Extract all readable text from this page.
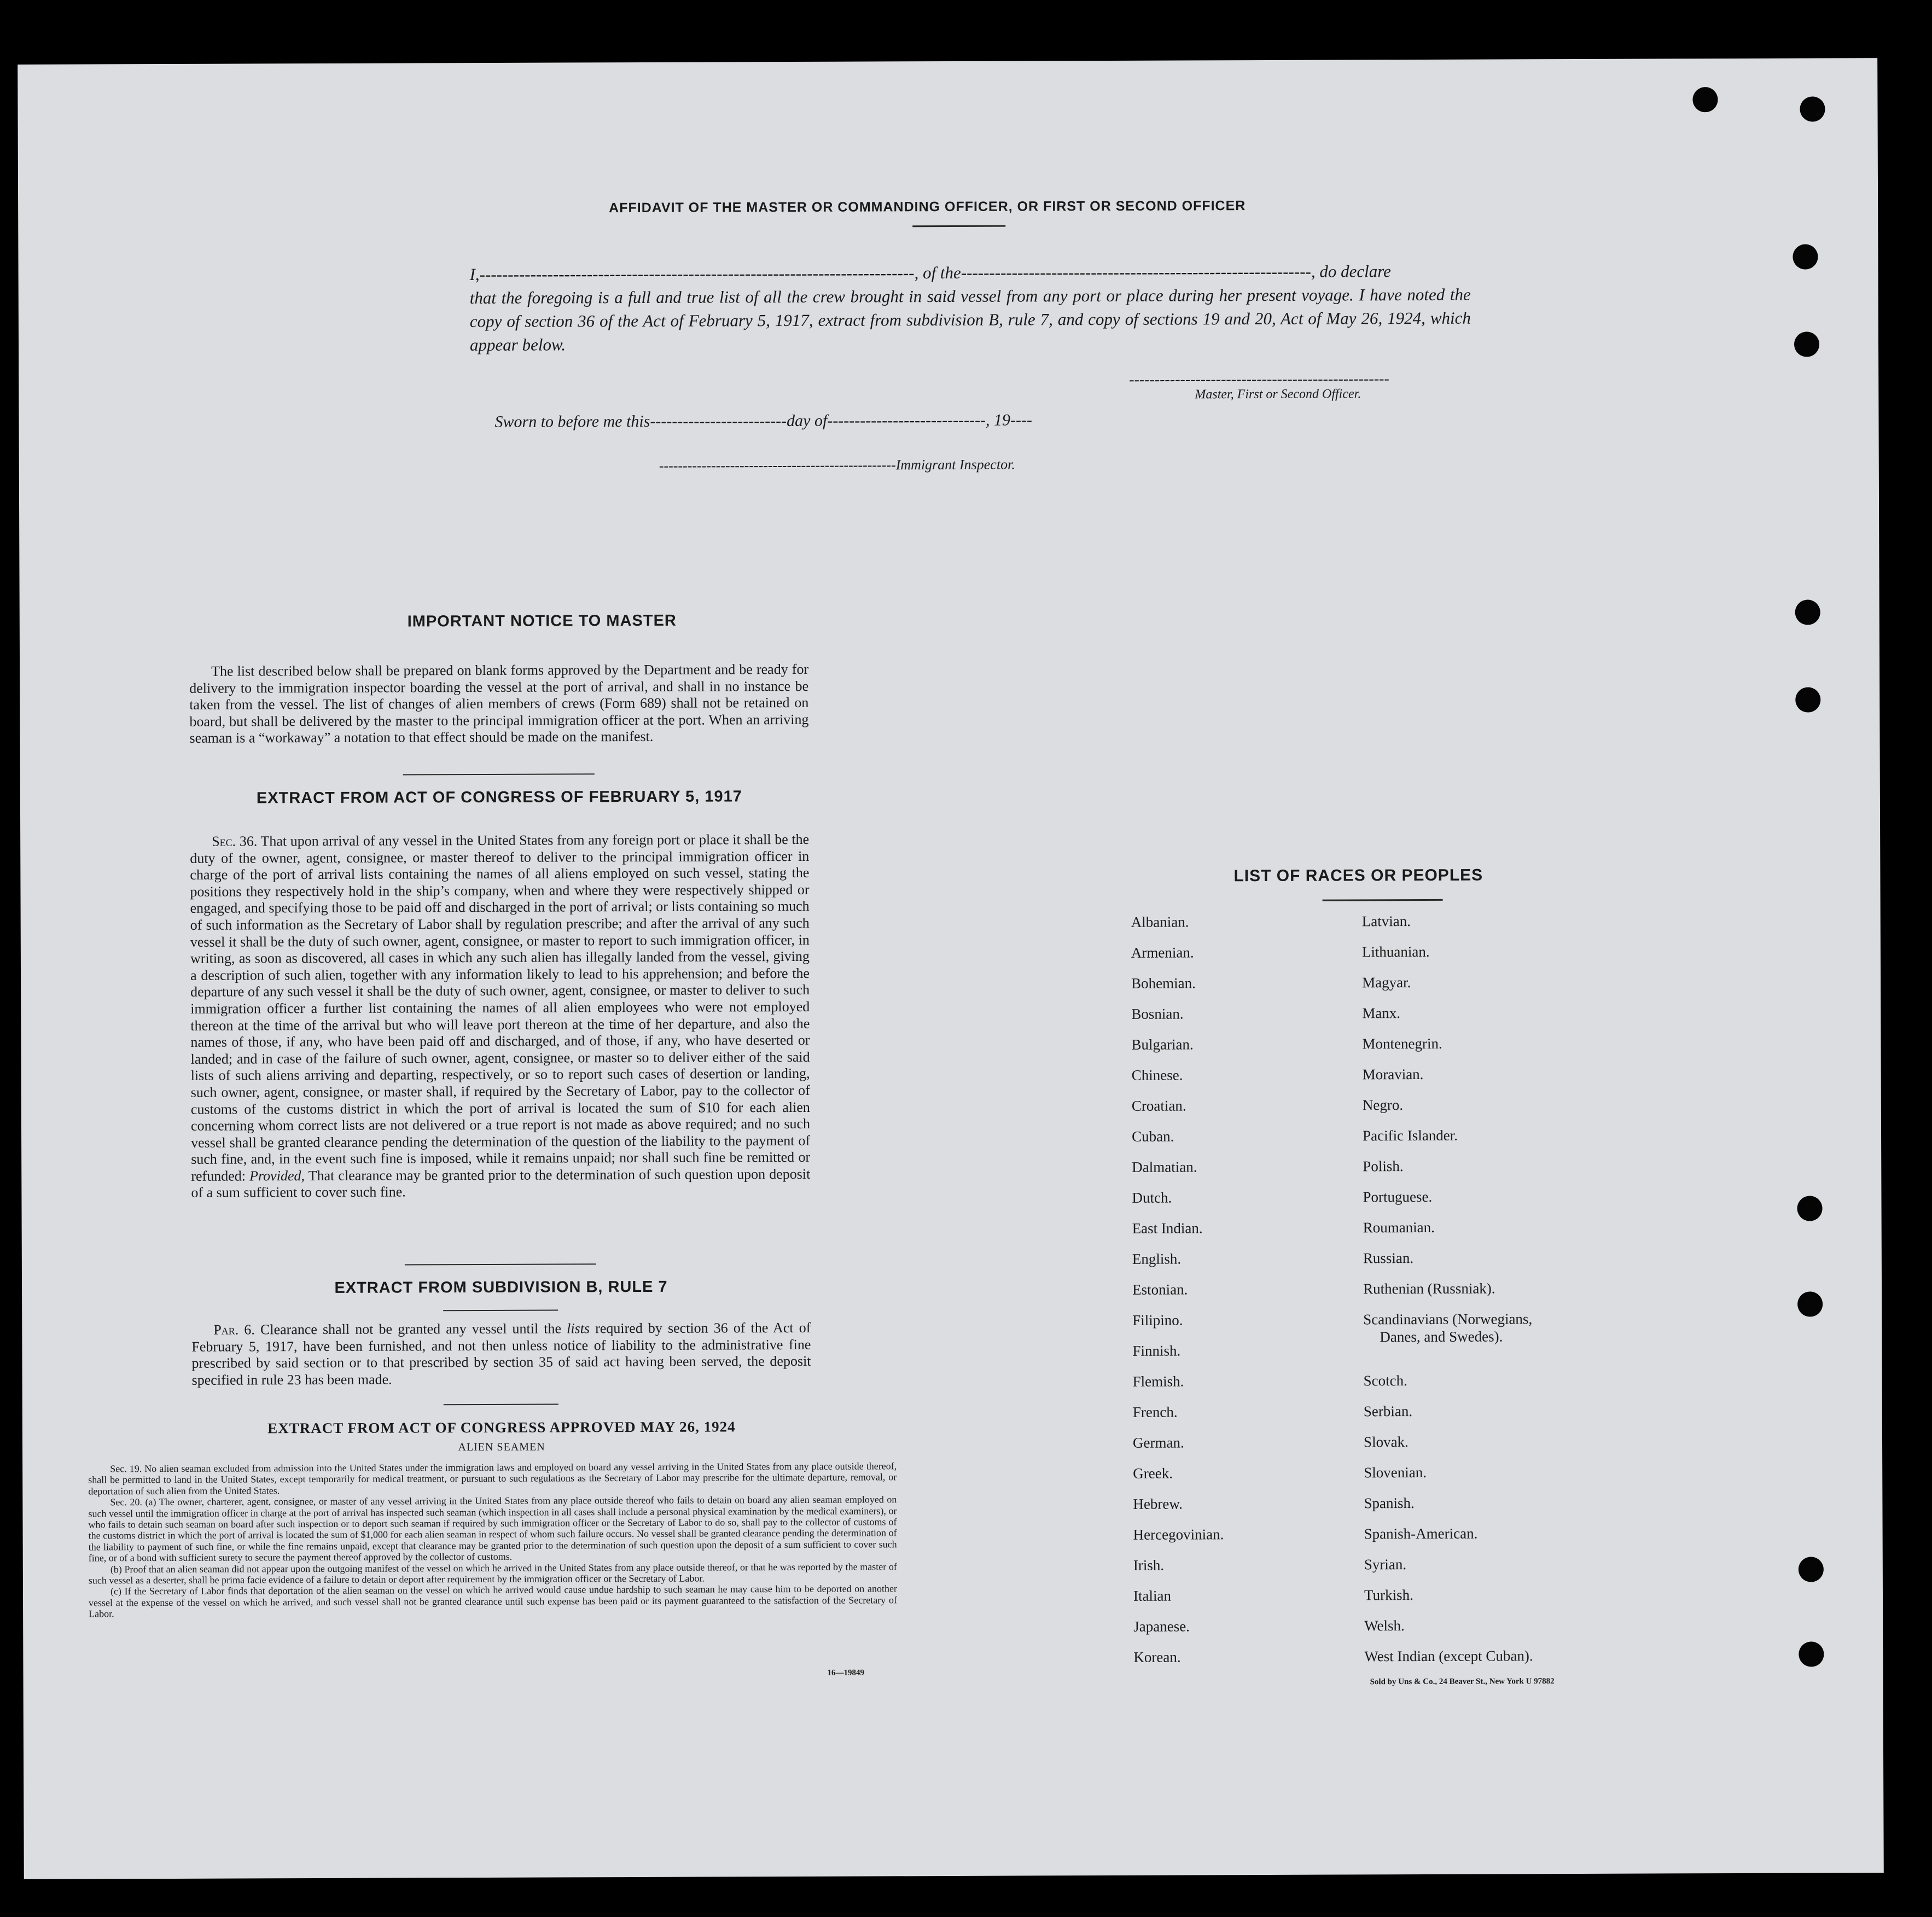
AFFIDAVIT OF THE MASTER OR COMMANDING OFFICER, OR FIRST OR SECOND OFFICER
I,-----------------------------------------------------------------------------, of the--------------------------------------------------------------, do declare
that the foregoing is a full and true list of all the crew brought in said vessel from any port or place during her present voyage. I have noted the copy of section 36 of the Act of February 5, 1917, extract from subdivision B, rule 7, and copy of sections 19 and 20, Act of May 26, 1924, which appear below.
---------------------------------------------------
Master, First or Second Officer.
Sworn to before me this-------------------------day of-----------------------------, 19----
--------------------------------------------------Immigrant Inspector.
IMPORTANT NOTICE TO MASTER
The list described below shall be prepared on blank forms approved by the Department and be ready for delivery to the immigration inspector boarding the vessel at the port of arrival, and shall in no instance be taken from the vessel. The list of changes of alien members of crews (Form 689) shall not be retained on board, but shall be delivered by the master to the principal immigration officer at the port. When an arriving seaman is a “workaway” a notation to that effect should be made on the manifest.
EXTRACT FROM ACT OF CONGRESS OF FEBRUARY 5, 1917
Sec. 36. That upon arrival of any vessel in the United States from any foreign port or place it shall be the duty of the owner, agent, consignee, or master thereof to deliver to the principal immigration officer in charge of the port of arrival lists containing the names of all aliens employed on such vessel, stating the positions they respectively hold in the ship’s company, when and where they were respectively shipped or engaged, and specifying those to be paid off and discharged in the port of arrival; or lists containing so much of such information as the Secretary of Labor shall by regulation prescribe; and after the arrival of any such vessel it shall be the duty of such owner, agent, consignee, or master to report to such immigration officer, in writing, as soon as discovered, all cases in which any such alien has illegally landed from the vessel, giving a description of such alien, together with any information likely to lead to his apprehension; and before the departure of any such vessel it shall be the duty of such owner, agent, consignee, or master to deliver to such immigration officer a further list containing the names of all alien employees who were not employed thereon at the time of the arrival but who will leave port thereon at the time of her departure, and also the names of those, if any, who have been paid off and discharged, and of those, if any, who have deserted or landed; and in case of the failure of such owner, agent, consignee, or master so to deliver either of the said lists of such aliens arriving and departing, respectively, or so to report such cases of desertion or landing, such owner, agent, consignee, or master shall, if required by the Secretary of Labor, pay to the collector of customs of the customs district in which the port of arrival is located the sum of $10 for each alien concerning whom correct lists are not delivered or a true report is not made as above required; and no such vessel shall be granted clearance pending the determination of the question of the liability to the payment of such fine, and, in the event such fine is imposed, while it remains unpaid; nor shall such fine be remitted or refunded: Provided, That clearance may be granted prior to the determination of such question upon deposit of a sum sufficient to cover such fine.
EXTRACT FROM SUBDIVISION B, RULE 7
Par. 6. Clearance shall not be granted any vessel until the lists required by section 36 of the Act of February 5, 1917, have been furnished, and not then unless notice of liability to the administrative fine prescribed by said section or to that prescribed by section 35 of said act having been served, the deposit specified in rule 23 has been made.
EXTRACT FROM ACT OF CONGRESS APPROVED MAY 26, 1924
ALIEN SEAMEN

Sec. 19. No alien seaman excluded from admission into the United States under the immigration laws and employed on board any vessel arriving in the United States from any place outside thereof, shall be permitted to land in the United States, except temporarily for medical treatment, or pursuant to such regulations as the Secretary of Labor may prescribe for the ultimate departure, removal, or deportation of such alien from the United States.

Sec. 20. (a) The owner, charterer, agent, consignee, or master of any vessel arriving in the United States from any place outside thereof who fails to detain on board any alien seaman employed on such vessel until the immigration officer in charge at the port of arrival has inspected such seaman (which inspection in all cases shall include a personal physical examination by the medical examiners), or who fails to detain such seaman on board after such inspection or to deport such seaman if required by such immigration officer or the Secretary of Labor to do so, shall pay to the collector of customs of the customs district in which the port of arrival is located the sum of $1,000 for each alien seaman in respect of whom such failure occurs. No vessel shall be granted clearance pending the determination of the liability to payment of such fine, or while the fine remains unpaid, except that clearance may be granted prior to the determination of such question upon the deposit of a sum sufficient to cover such fine, or of a bond with sufficient surety to secure the payment thereof approved by the collector of customs.

(b) Proof that an alien seaman did not appear upon the outgoing manifest of the vessel on which he arrived in the United States from any place outside thereof, or that he was reported by the master of such vessel as a deserter, shall be prima facie evidence of a failure to detain or deport after requirement by the immigration officer or the Secretary of Labor.

(c) If the Secretary of Labor finds that deportation of the alien seaman on the vessel on which he arrived would cause undue hardship to such seaman he may cause him to be deported on another vessel at the expense of the vessel on which he arrived, and such vessel shall not be granted clearance until such expense has been paid or its payment guaranteed to the satisfaction of the Secretary of Labor.

16—19849
LIST OF RACES OR PEOPLES
Albanian.
Armenian.
Bohemian.
Bosnian.
Bulgarian.
Chinese.
Croatian.
Cuban.
Dalmatian.
Dutch.
East Indian.
English.
Estonian.
Filipino.
Finnish.
Flemish.
French.
German.
Greek.
Hebrew.
Hercegovinian.
Irish.
Italian
Japanese.
Korean.
Latvian.
Lithuanian.
Magyar.
Manx.
Montenegrin.
Moravian.
Negro.
Pacific Islander.
Polish.
Portuguese.
Roumanian.
Russian.
Ruthenian (Russniak).
Scandinavians (Norwegians,
Danes, and Swedes).
Scotch.
Serbian.
Slovak.
Slovenian.
Spanish.
Spanish-American.
Syrian.
Turkish.
Welsh.
West Indian (except Cuban).
Sold by Uns & Co., 24 Beaver St., New York U 97882
